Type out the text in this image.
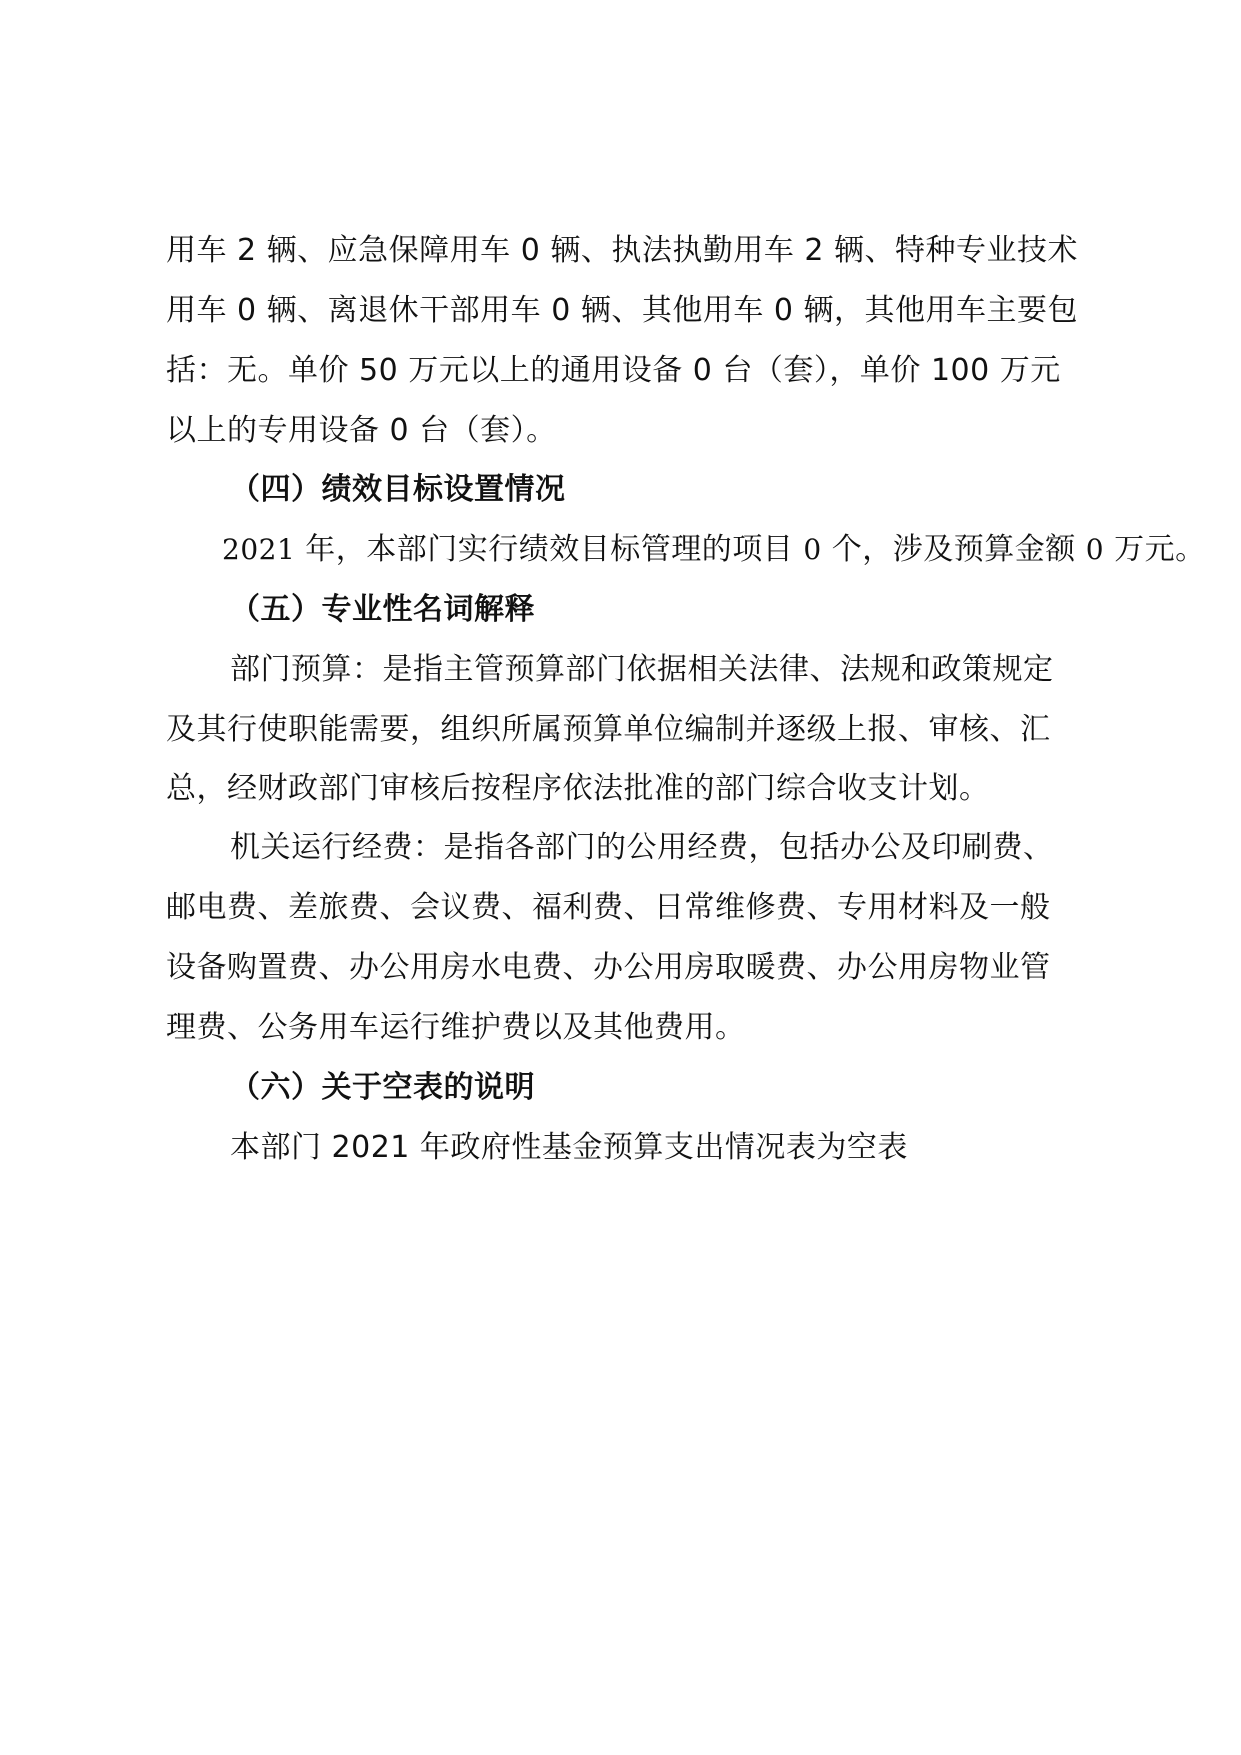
用车 2 辆、应急保障用车 0 辆、执法执勤用车 2 辆、特种专业技术
用车 0 辆、离退休干部用车 0 辆、其他用车 0 辆，其他用车主要包
括：无。单价 50 万元以上的通用设备 0 台（套），单价 100 万元
以上的专用设备 0 台（套）。
（四）绩效目标设置情况
2021 年，本部门实行绩效目标管理的项目 0 个，涉及预算金额 0 万元。
（五）专业性名词解释
部门预算：是指主管预算部门依据相关法律、法规和政策规定
及其行使职能需要，组织所属预算单位编制并逐级上报、审核、汇
总，经财政部门审核后按程序依法批准的部门综合收支计划。
机关运行经费：是指各部门的公用经费，包括办公及印刷费、
邮电费、差旅费、会议费、福利费、日常维修费、专用材料及一般
设备购置费、办公用房水电费、办公用房取暖费、办公用房物业管
理费、公务用车运行维护费以及其他费用。
（六）关于空表的说明
本部门 2021 年政府性基金预算支出情况表为空表
